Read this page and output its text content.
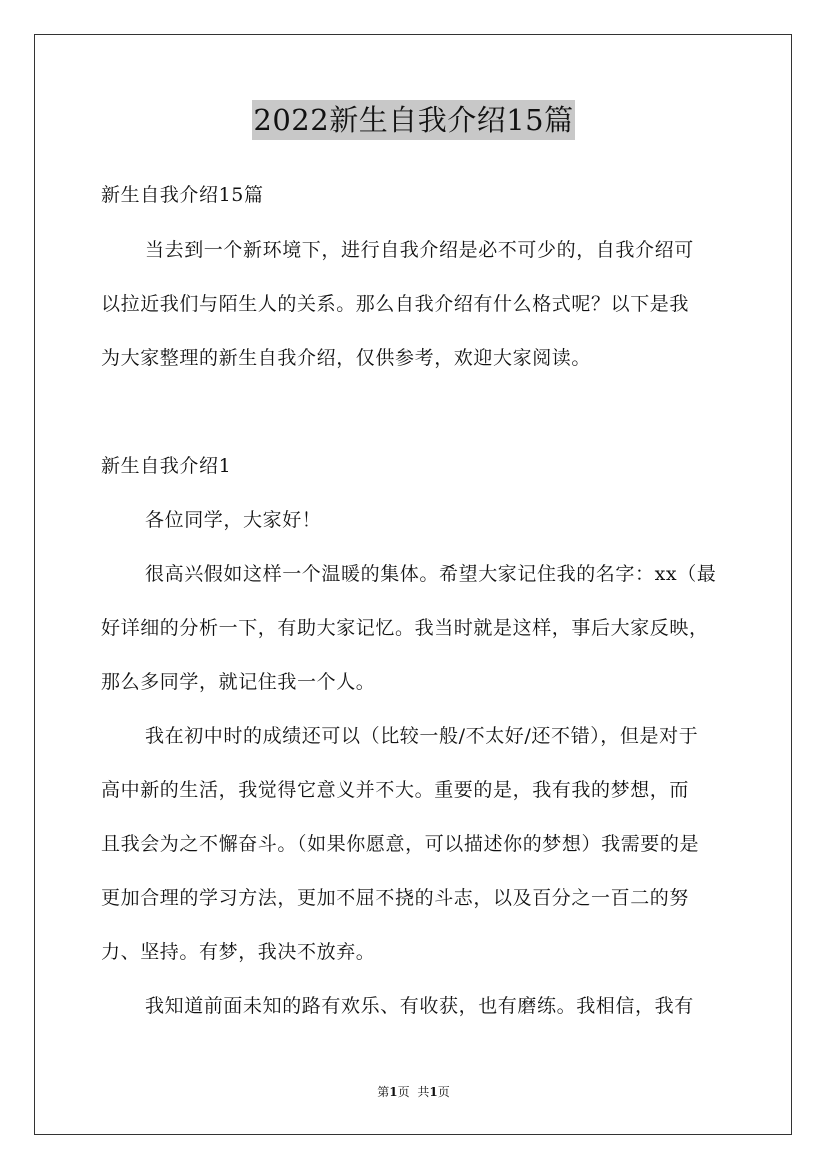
2022新生自我介绍15篇
新生自我介绍15篇
当去到一个新环境下，进行自我介绍是必不可少的，自我介绍可
以拉近我们与陌生人的关系。那么自我介绍有什么格式呢？以下是我
为大家整理的新生自我介绍，仅供参考，欢迎大家阅读。
新生自我介绍1
各位同学，大家好！
很高兴假如这样一个温暖的集体。希望大家记住我的名字：xx（最
好详细的分析一下，有助大家记忆。我当时就是这样，事后大家反映，
那么多同学，就记住我一个人。
我在初中时的成绩还可以（比较一般/不太好/还不错），但是对于
高中新的生活，我觉得它意义并不大。重要的是，我有我的梦想，而
且我会为之不懈奋斗。（如果你愿意，可以描述你的梦想）我需要的是
更加合理的学习方法，更加不屈不挠的斗志，以及百分之一百二的努
力、坚持。有梦，我决不放弃。
我知道前面未知的路有欢乐、有收获，也有磨练。我相信，我有
第1页 共1页
